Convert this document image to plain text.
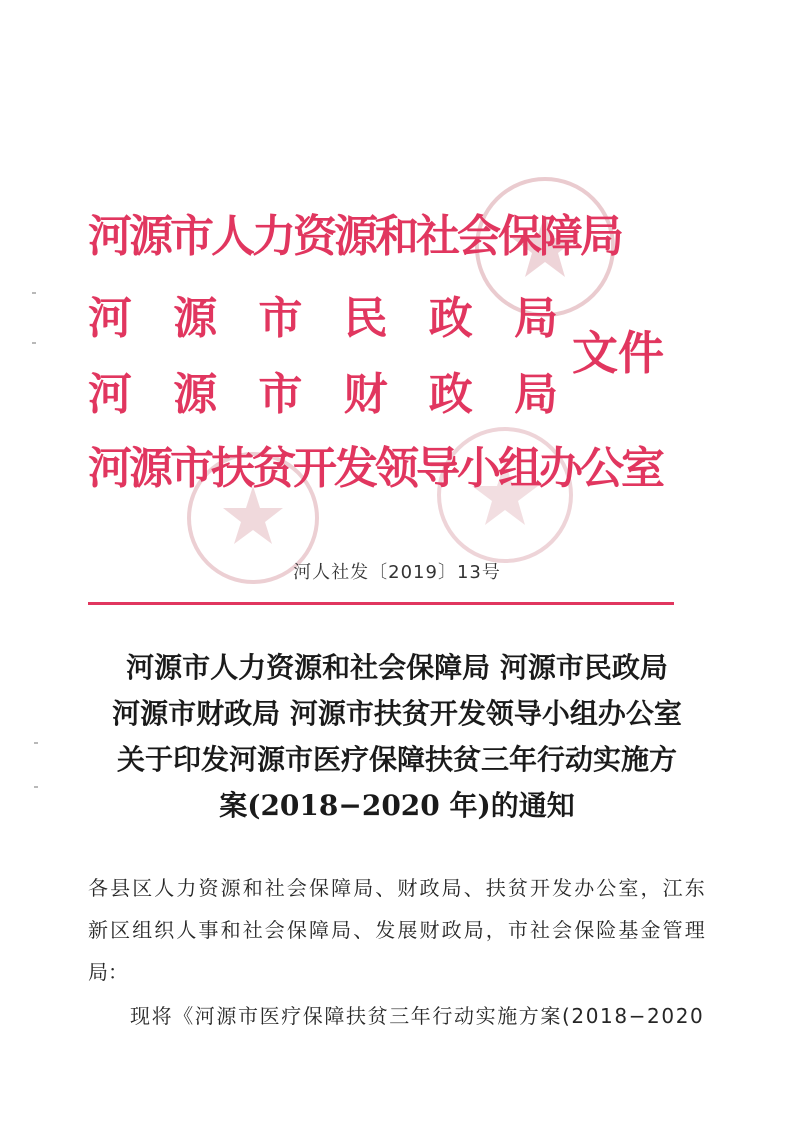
河源市人力资源和社会保障局
河 源 市 民 政 局
河 源 市 财 政 局
河源市扶贫开发领导小组办公室
文件
河人社发〔2019〕13号
河源市人力资源和社会保障局 河源市民政局
河源市财政局 河源市扶贫开发领导小组办公室
关于印发河源市医疗保障扶贫三年行动实施方
案(2018−2020 年)的通知
各县区人力资源和社会保障局、财政局、扶贫开发办公室，江东
新区组织人事和社会保障局、发展财政局，市社会保险基金管理
局：
现将《河源市医疗保障扶贫三年行动实施方案(2018−2020
